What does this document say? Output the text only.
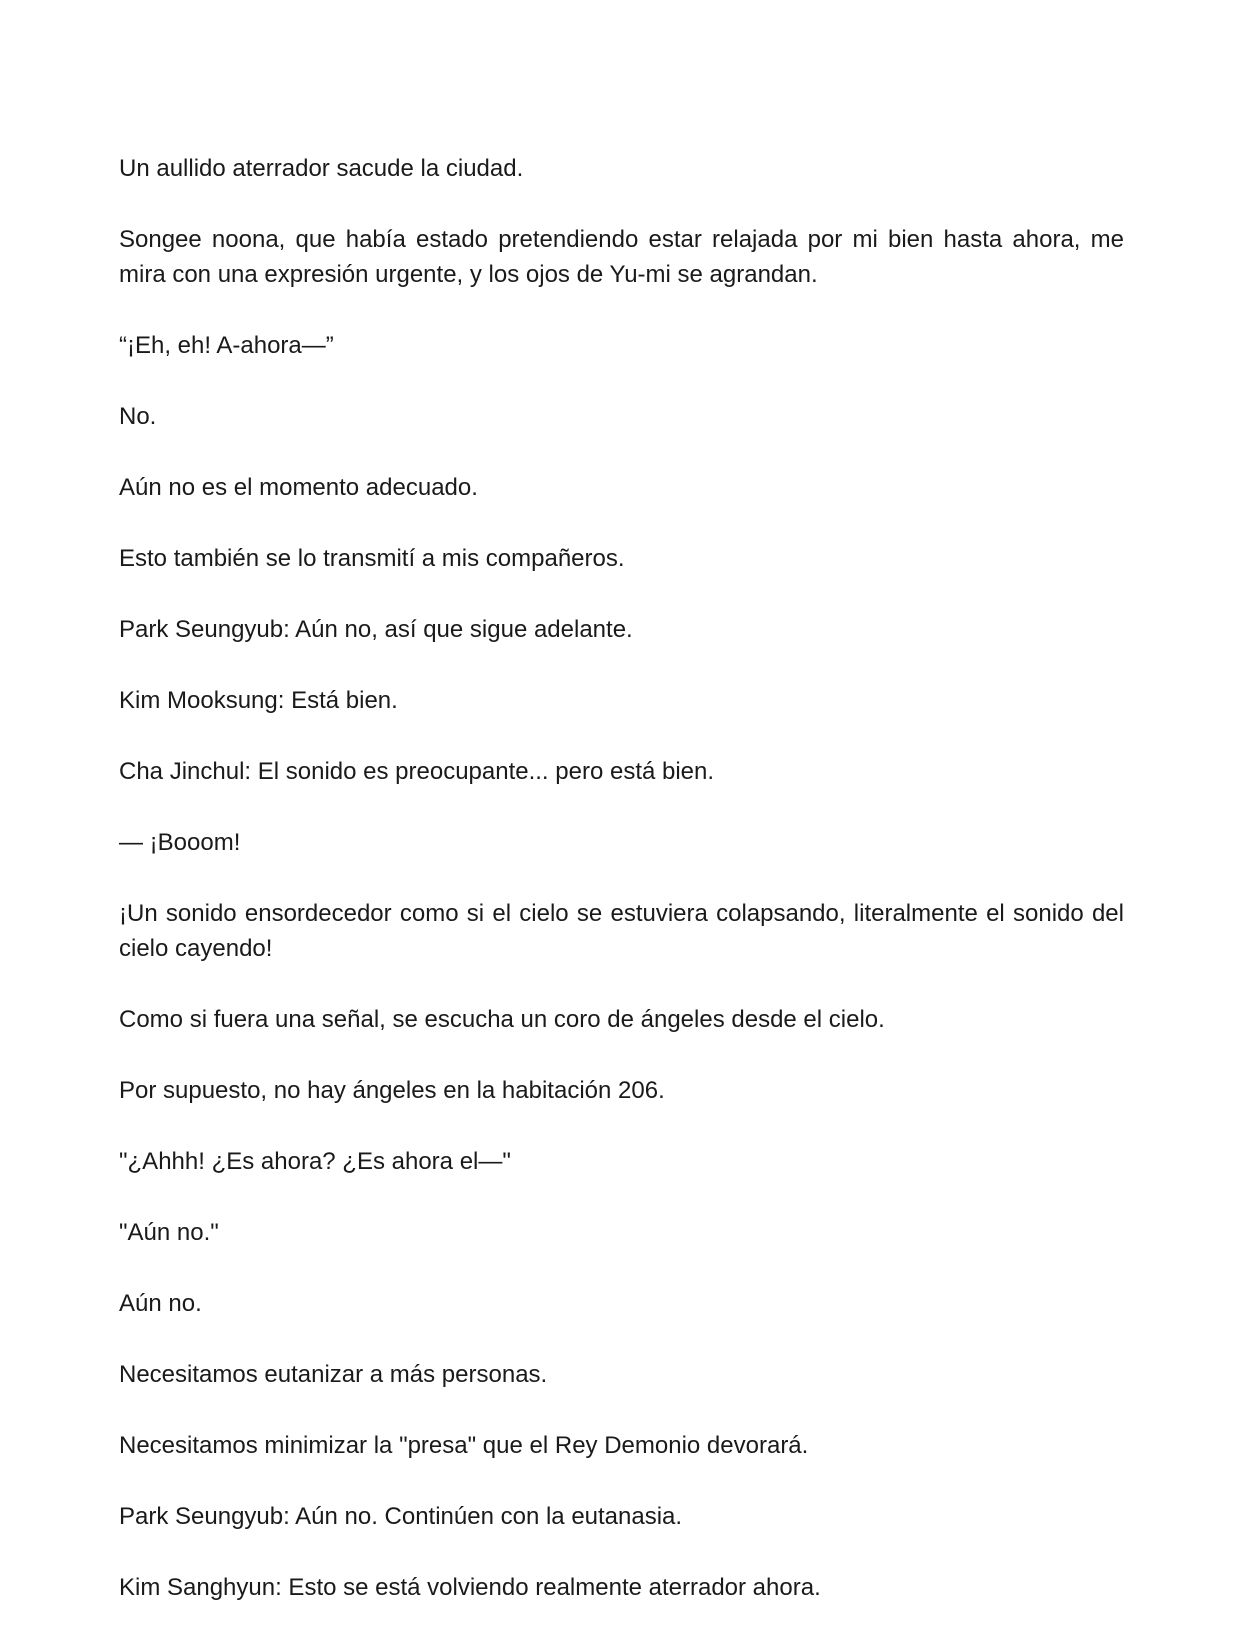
Un aullido aterrador sacude la ciudad.

Songee noona, que había estado pretendiendo estar relajada por mi bien hasta ahora, me mira con una expresión urgente, y los ojos de Yu-mi se agrandan.

“¡Eh, eh! A-ahora—”

No.

Aún no es el momento adecuado.

Esto también se lo transmití a mis compañeros.

Park Seungyub: Aún no, así que sigue adelante.

Kim Mooksung: Está bien.

Cha Jinchul: El sonido es preocupante... pero está bien.

— ¡Booom!

¡Un sonido ensordecedor como si el cielo se estuviera colapsando, literalmente el sonido del cielo cayendo!

Como si fuera una señal, se escucha un coro de ángeles desde el cielo.

Por supuesto, no hay ángeles en la habitación 206.

"¿Ahhh! ¿Es ahora? ¿Es ahora el—"

"Aún no."

Aún no.

Necesitamos eutanizar a más personas.

Necesitamos minimizar la "presa" que el Rey Demonio devorará.

Park Seungyub: Aún no. Continúen con la eutanasia.

Kim Sanghyun: Esto se está volviendo realmente aterrador ahora.
